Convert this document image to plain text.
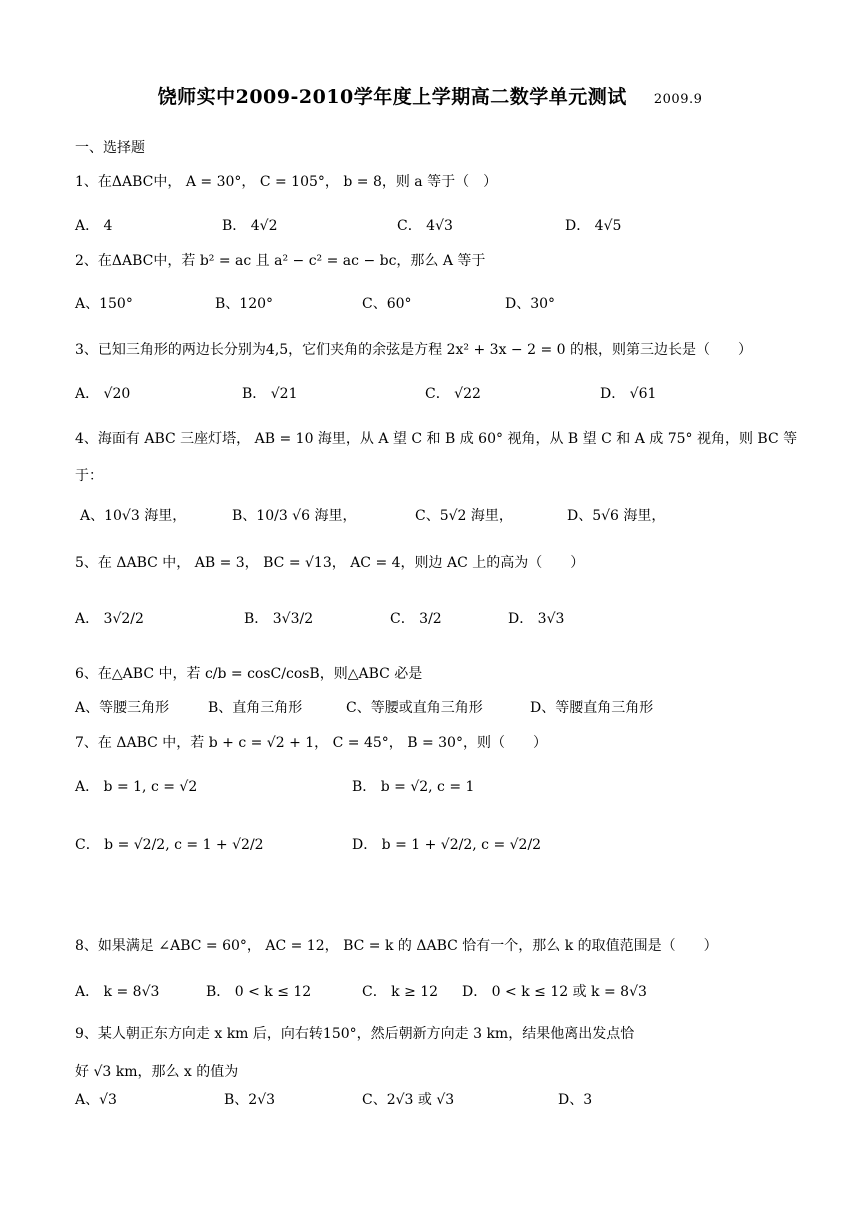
饶师实中2009-2010学年度上学期高二数学单元测试 2009.9
一、选择题
1、在ΔABC中， A = 30°， C = 105°， b = 8，则 a 等于（　）
A． 4	B． 4√2	C． 4√3	D． 4√5
2、在ΔABC中，若 b² = ac 且 a² − c² = ac − bc，那么 A 等于
A、150°	B、120°	C、60°	D、30°
3、已知三角形的两边长分别为4,5，它们夹角的余弦是方程 2x² + 3x − 2 = 0 的根，则第三边长是（　　）
A． √20	B． √21	C． √22	D． √61
4、海面有 ABC 三座灯塔， AB = 10 海里，从 A 望 C 和 B 成 60° 视角，从 B 望 C 和 A 成 75° 视角，则 BC 等
于：
A、10√3 海里，	B、10/3 √6 海里，	C、5√2 海里，	D、5√6 海里，
5、在 ΔABC 中， AB = 3， BC = √13， AC = 4，则边 AC 上的高为（　　）
A． 3√2/2	B． 3√3/2	C． 3/2	D． 3√3
6、在△ABC 中，若 c/b = cosC/cosB，则△ABC 必是
A、等腰三角形	B、直角三角形	C、等腰或直角三角形	D、等腰直角三角形
7、在 ΔABC 中，若 b + c = √2 + 1， C = 45°， B = 30°，则（　　）
A． b = 1, c = √2	B． b = √2, c = 1
C． b = √2/2, c = 1 + √2/2	D． b = 1 + √2/2, c = √2/2
8、如果满足 ∠ABC = 60°， AC = 12， BC = k 的 ΔABC 恰有一个，那么 k 的取值范围是（　　）
A． k = 8√3	B． 0 < k ≤ 12	C． k ≥ 12 D． 0 < k ≤ 12 或 k = 8√3
9、某人朝正东方向走 x km 后，向右转150°，然后朝新方向走 3 km，结果他离出发点恰
好 √3 km，那么 x 的值为
A、√3	B、2√3	C、2√3 或 √3	D、3
